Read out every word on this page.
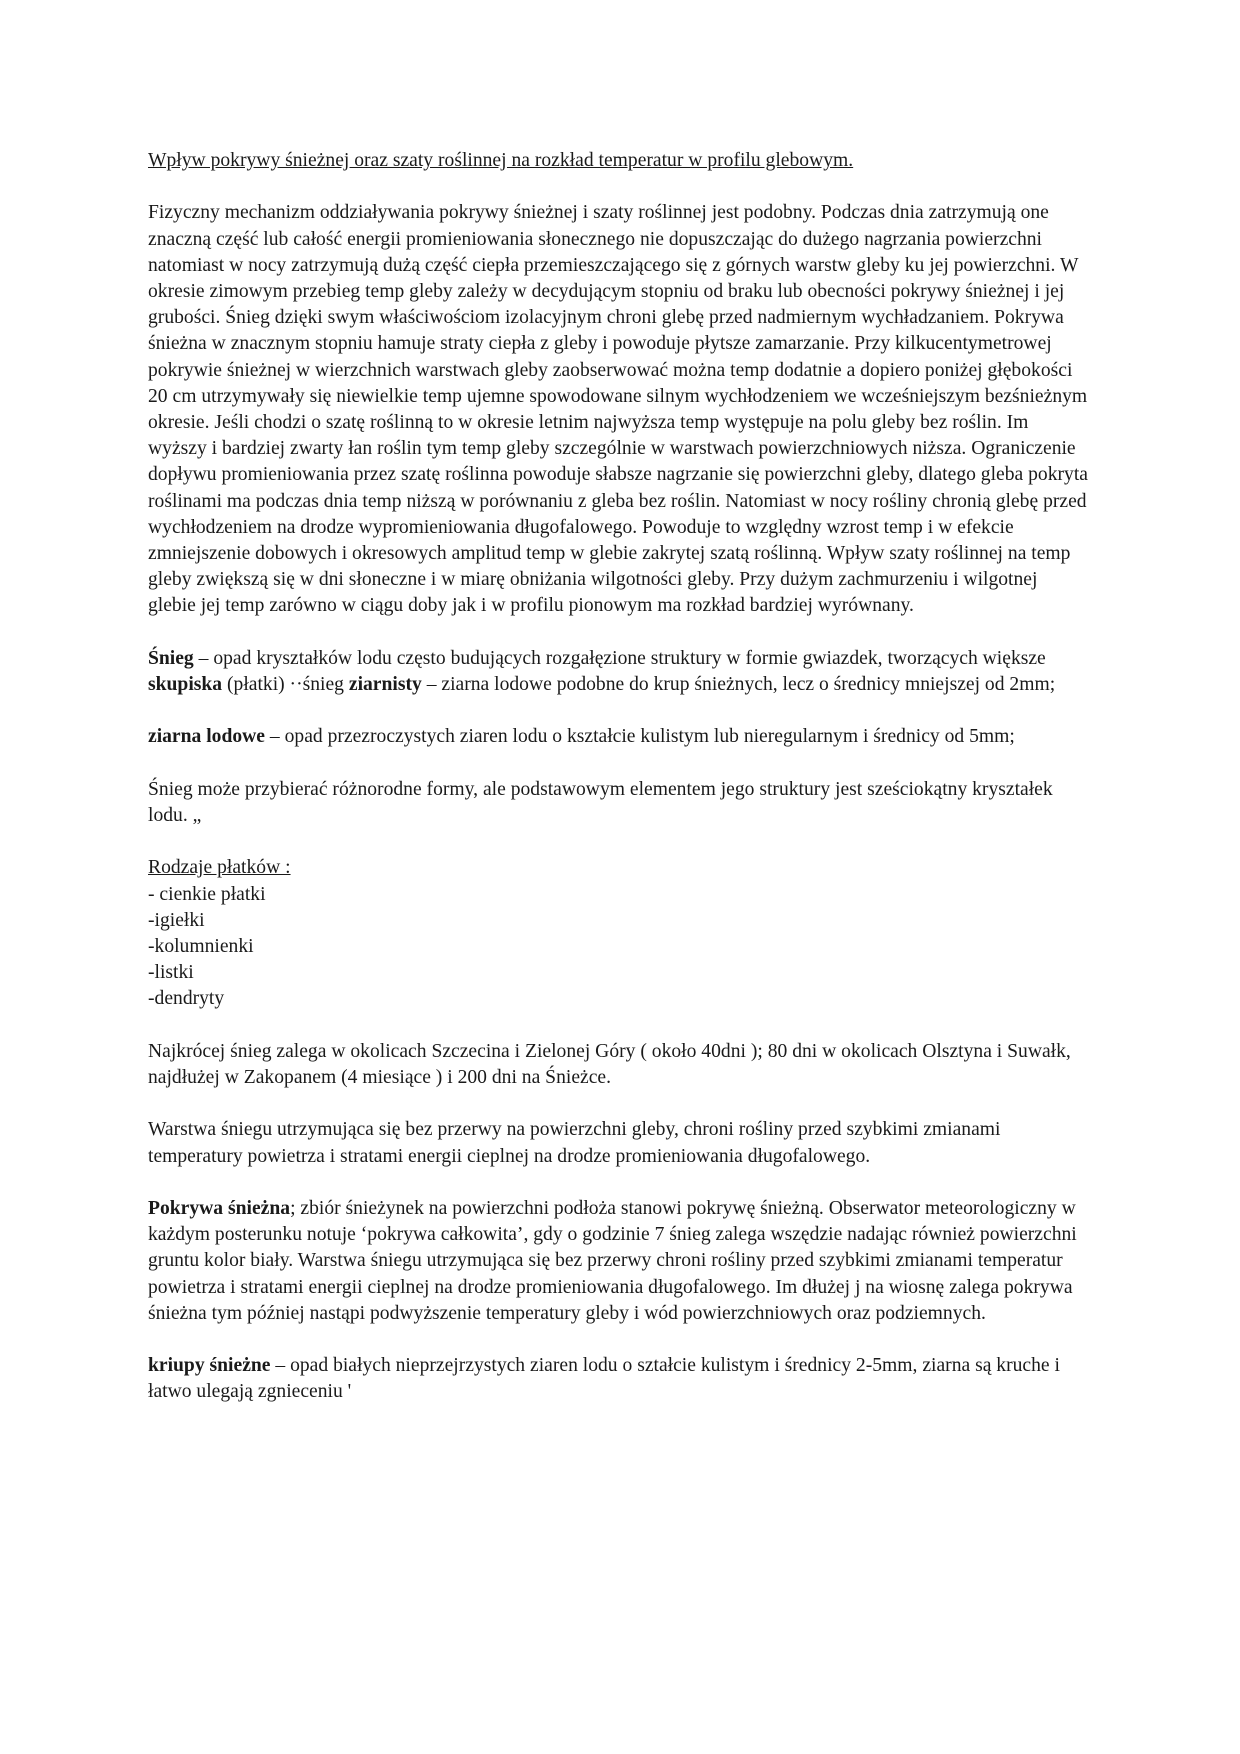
Wpływ pokrywy śnieżnej oraz szaty roślinnej na rozkład temperatur w profilu glebowym.

Fizyczny mechanizm oddziaływania pokrywy śnieżnej i szaty roślinnej jest podobny. Podczas dnia zatrzymują one znaczną część lub całość energii promieniowania słonecznego nie dopuszczając do dużego nagrzania powierzchni natomiast w nocy zatrzymują dużą część ciepła przemieszczającego się z górnych warstw gleby ku jej powierzchni. W okresie zimowym przebieg temp gleby zależy w decydującym stopniu od braku lub obecności pokrywy śnieżnej i jej grubości. Śnieg dzięki swym właściwościom izolacyjnym chroni glebę przed nadmiernym wychładzaniem. Pokrywa śnieżna w znacznym stopniu hamuje straty ciepła z gleby i powoduje płytsze zamarzanie. Przy kilkucentymetrowej pokrywie śnieżnej w wierzchnich warstwach gleby zaobserwować można temp dodatnie a dopiero poniżej głębokości 20 cm utrzymywały się niewielkie temp ujemne spowodowane silnym wychłodzeniem we wcześniejszym bezśnieżnym okresie. Jeśli chodzi o szatę roślinną to w okresie letnim najwyższa temp występuje na polu gleby bez roślin. Im wyższy i bardziej zwarty łan roślin tym temp gleby szczególnie w warstwach powierzchniowych niższa. Ograniczenie dopływu promieniowania przez szatę roślinna powoduje słabsze nagrzanie się powierzchni gleby, dlatego gleba pokryta roślinami ma podczas dnia temp niższą w porównaniu z gleba bez roślin. Natomiast w nocy rośliny chronią glebę przed wychłodzeniem na drodze wypromieniowania długofalowego. Powoduje to względny wzrost temp i w efekcie zmniejszenie dobowych i okresowych amplitud temp w glebie zakrytej szatą roślinną. Wpływ szaty roślinnej na temp gleby zwiększą się w dni słoneczne i w miarę obniżania wilgotności gleby. Przy dużym zachmurzeniu i wilgotnej glebie jej temp zarówno w ciągu doby jak i w profilu pionowym ma rozkład bardziej wyrównany.

Śnieg – opad kryształków lodu często budujących rozgałęzione struktury w formie gwiazdek, tworzących większe skupiska (płatki) ··śnieg ziarnisty – ziarna lodowe podobne do krup śnieżnych, lecz o średnicy mniejszej od 2mm;

ziarna lodowe – opad przezroczystych ziaren lodu o kształcie kulistym lub nieregularnym i średnicy od 5mm;

Śnieg może przybierać różnorodne formy, ale podstawowym elementem jego struktury jest sześciokątny kryształek lodu. „

Rodzaje płatków :
- cienkie płatki
-igiełki
-kolumnienki
-listki
-dendryty

Najkrócej śnieg zalega w okolicach Szczecina i Zielonej Góry ( około 40dni ); 80 dni w okolicach Olsztyna i Suwałk, najdłużej w Zakopanem (4 miesiące ) i 200 dni na Śnieżce.

Warstwa śniegu utrzymująca się bez przerwy na powierzchni gleby, chroni rośliny przed szybkimi zmianami temperatury powietrza i stratami energii cieplnej na drodze promieniowania długofalowego.

Pokrywa śnieżna; zbiór śnieżynek na powierzchni podłoża stanowi pokrywę śnieżną. Obserwator meteorologiczny w każdym posterunku notuje ‘pokrywa całkowita’, gdy o godzinie 7 śnieg zalega wszędzie nadając również powierzchni gruntu kolor biały. Warstwa śniegu utrzymująca się bez przerwy chroni rośliny przed szybkimi zmianami temperatur powietrza i stratami energii cieplnej na drodze promieniowania długofalowego. Im dłużej j na wiosnę zalega pokrywa śnieżna tym później nastąpi podwyższenie temperatury gleby i wód powierzchniowych oraz podziemnych.

kriupy śnieżne – opad białych nieprzejrzystych ziaren lodu o ształcie kulistym i średnicy 2-5mm, ziarna są kruche i łatwo ulegają zgnieceniu '
